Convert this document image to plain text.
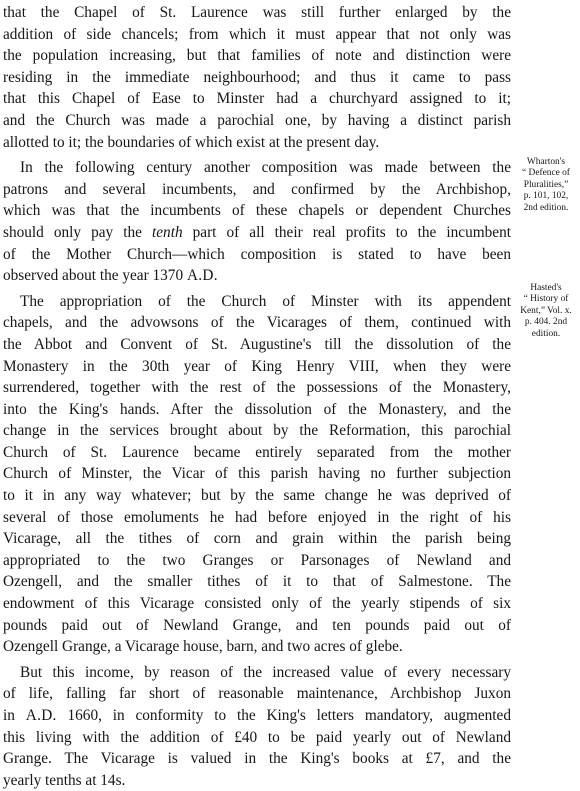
that the Chapel of St. Laurence was still further enlarged by the
addition of side chancels; from which it must appear that not only was
the population increasing, but that families of note and distinction were
residing in the immediate neighbourhood; and thus it came to pass
that this Chapel of Ease to Minster had a churchyard assigned to it;
and the Church was made a parochial one, by having a distinct parish
allotted to it; the boundaries of which exist at the present day.

In the following century another composition was made between the
patrons and several incumbents, and confirmed by the Archbishop,
which was that the incumbents of these chapels or dependent Churches
should only pay the tenth part of all their real profits to the incumbent
of the Mother Church—which composition is stated to have been
observed about the year 1370 A.D.

The appropriation of the Church of Minster with its appendent
chapels, and the advowsons of the Vicarages of them, continued with
the Abbot and Convent of St. Augustine's till the dissolution of the
Monastery in the 30th year of King Henry VIII, when they were
surrendered, together with the rest of the possessions of the Monastery,
into the King's hands. After the dissolution of the Monastery, and the
change in the services brought about by the Reformation, this parochial
Church of St. Laurence became entirely separated from the mother
Church of Minster, the Vicar of this parish having no further subjection
to it in any way whatever; but by the same change he was deprived of
several of those emoluments he had before enjoyed in the right of his
Vicarage, all the tithes of corn and grain within the parish being
appropriated to the two Granges or Parsonages of Newland and
Ozengell, and the smaller tithes of it to that of Salmestone. The
endowment of this Vicarage consisted only of the yearly stipends of six
pounds paid out of Newland Grange, and ten pounds paid out of
Ozengell Grange, a Vicarage house, barn, and two acres of glebe.

But this income, by reason of the increased value of every necessary
of life, falling far short of reasonable maintenance, Archbishop Juxon
in A.D. 1660, in conformity to the King's letters mandatory, augmented
this living with the addition of £40 to be paid yearly out of Newland
Grange. The Vicarage is valued in the King's books at £7, and the
yearly tenths at 14s.

Wharton's
“ Defence of
Pluralities,”
p. 101, 102,
2nd edition.
Hasted's
“ History of
Kent,” Vol. x.
p. 404. 2nd
edition.
